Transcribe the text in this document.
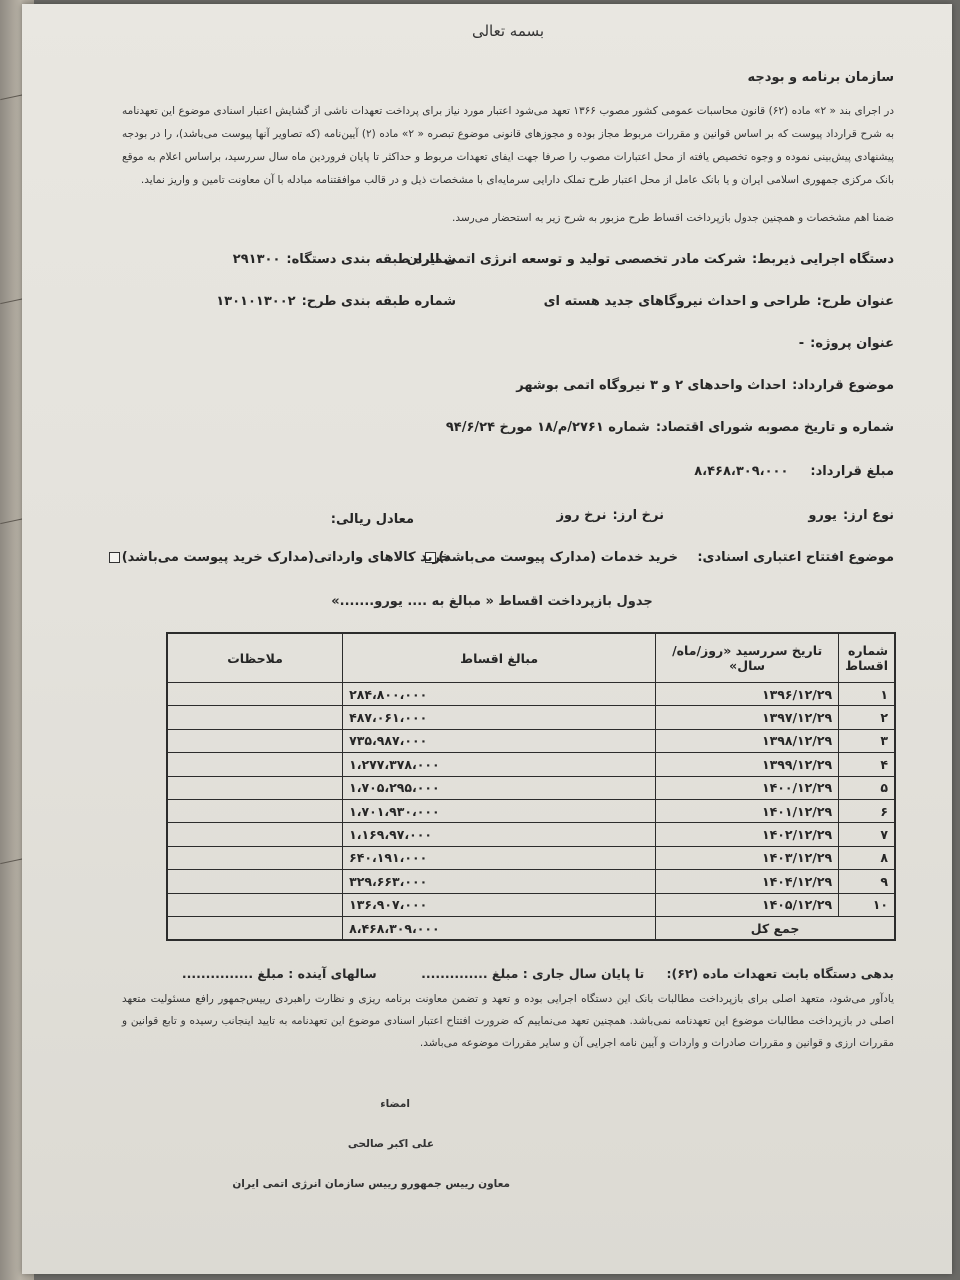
بسمه تعالی
سازمان برنامه و بودجه
در اجرای بند « ۲» ماده (۶۲) قانون محاسبات عمومی کشور مصوب ۱۳۶۶ تعهد می‌شود اعتبار مورد نیاز برای پرداخت تعهدات ناشی از گشایش اعتبار اسنادی موضوع این تعهدنامه به شرح قرارداد پیوست که بر اساس قوانین و مقررات مربوط مجاز بوده و مجوزهای قانونی موضوع تبصره « ۲» ماده (۲) آیین‌نامه (که تصاویر آنها پیوست می‌باشد)، را در بودجه پیشنهادی پیش‌بینی نموده و وجوه تخصیص یافته از محل اعتبارات مصوب را صرفا جهت ایفای تعهدات مربوط و حداکثر تا پایان فروردین ماه سال سررسید، براساس اعلام به موقع بانک مرکزی جمهوری اسلامی ایران و یا بانک عامل از محل اعتبار طرح تملک دارایی سرمایه‌ای با مشخصات ذیل و در قالب موافقتنامه مبادله با آن معاونت تامین و واریز نماید.
ضمنا اهم مشخصات و همچنین جدول بازپرداخت اقساط طرح مزبور به شرح زیر به استحضار می‌رسد.
دستگاه اجرایی ذیربط:شرکت مادر تخصصی تولید و توسعه انرژی اتمی ایران
شماره طبقه بندی دستگاه:۲۹۱۳۰۰
عنوان طرح:طراحی و احداث نیروگاهای جدید هسته ای
شماره طبقه بندی طرح:۱۳۰۱۰۱۳۰۰۲
عنوان پروژه:-
موضوع قرارداد:احداث واحدهای ۲ و ۳ نیروگاه اتمی بوشهر
شماره و تاریخ مصوبه شورای اقتصاد:شماره ۲۷۶۱/م/۱۸ مورخ ۹۴/۶/۲۴
مبلغ قرارداد:۸،۴۶۸،۳۰۹،۰۰۰
نوع ارز:یورو
نرخ ارز:نرخ روز
معادل ریالی:
موضوع افتتاح اعتباری اسنادی:
خرید خدمات (مدارک پیوست می‌باشد)
خرید کالاهای وارداتی(مدارک خرید پیوست می‌باشد)
جدول بازپرداخت اقساط « مبالغ به .... یورو.......»
شماره اقساط	تاریخ سررسید «روز/ماه/سال»	مبالغ اقساط	ملاحظات
۱	۱۳۹۶/۱۲/۲۹	۲۸۴،۸۰۰،۰۰۰	
۲	۱۳۹۷/۱۲/۲۹	۴۸۷،۰۶۱،۰۰۰	
۳	۱۳۹۸/۱۲/۲۹	۷۳۵،۹۸۷،۰۰۰	
۴	۱۳۹۹/۱۲/۲۹	۱،۲۷۷،۳۷۸،۰۰۰	
۵	۱۴۰۰/۱۲/۲۹	۱،۷۰۵،۲۹۵،۰۰۰	
۶	۱۴۰۱/۱۲/۲۹	۱،۷۰۱،۹۳۰،۰۰۰	
۷	۱۴۰۲/۱۲/۲۹	۱،۱۶۹،۹۷،۰۰۰	
۸	۱۴۰۳/۱۲/۲۹	۶۴۰،۱۹۱،۰۰۰	
۹	۱۴۰۴/۱۲/۲۹	۳۲۹،۶۶۳،۰۰۰	
۱۰	۱۴۰۵/۱۲/۲۹	۱۳۶،۹۰۷،۰۰۰	
جمع کل		۸،۴۶۸،۳۰۹،۰۰۰	
بدهی دستگاه بابت تعهدات ماده (۶۲): تا پایان سال جاری : مبلغ .............. سالهای آینده : مبلغ ...............
یادآور می‌شود، متعهد اصلی برای بازپرداخت مطالبات بانک این دستگاه اجرایی بوده و تعهد و تضمن معاونت برنامه ریزی و نظارت راهبردی رییس‌جمهور رافع مسئولیت متعهد اصلی در بازپرداخت مطالبات موضوع این تعهدنامه نمی‌باشد. همچنین تعهد می‌نماییم که ضرورت افتتاح اعتبار اسنادی موضوع این تعهدنامه به تایید اینجانب رسیده و تابع قوانین و مقررات ارزی و قوانین و مقررات صادرات و واردات و آیین نامه اجرایی آن و سایر مقررات موضوعه می‌باشد.
امضاء
علی اکبر صالحی
معاون رییس جمهورو رییس سازمان انرژی اتمی ایران
